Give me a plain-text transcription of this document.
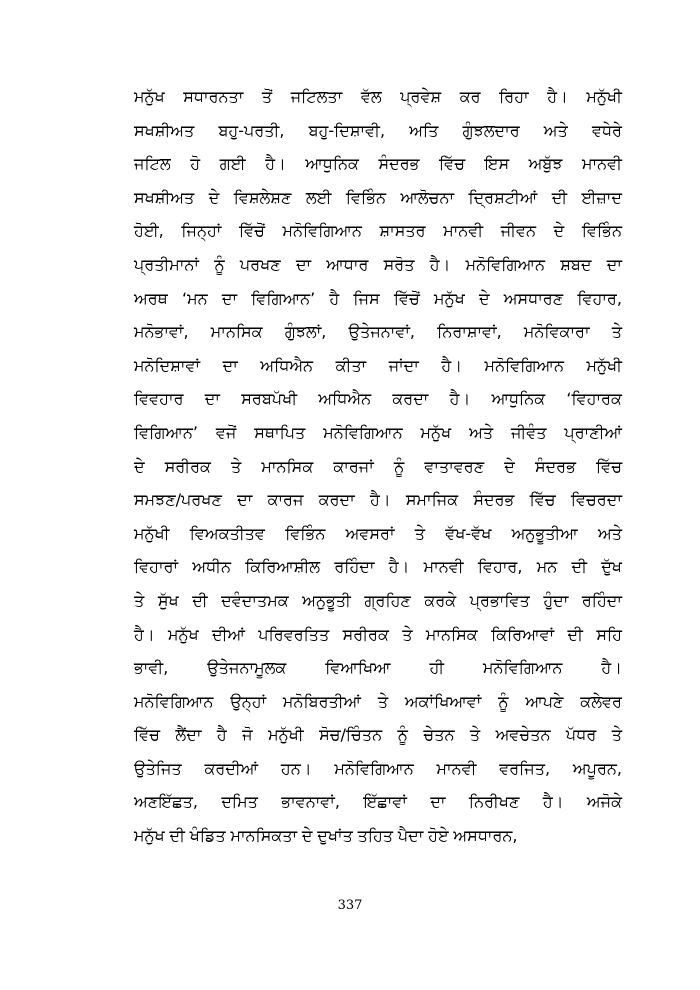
ਮਨੁੱਖ ਸਧਾਰਨਤਾ ਤੋਂ ਜਟਿਲਤਾ ਵੱਲ ਪ੍ਰਵੇਸ਼ ਕਰ ਰਿਹਾ ਹੈ। ਮਨੁੱਖੀ
ਸਖਸ਼ੀਅਤ ਬਹੁ-ਪਰਤੀ, ਬਹੁ-ਦਿਸ਼ਾਵੀ, ਅਤਿ ਗੁੰਝਲਦਾਰ ਅਤੇ ਵਧੇਰੇ
ਜਟਿਲ ਹੋ ਗਈ ਹੈ। ਆਧੁਨਿਕ ਸੰਦਰਭ ਵਿੱਚ ਇਸ ਅਬੁੱਝ ਮਾਨਵੀ
ਸਖਸ਼ੀਅਤ ਦੇ ਵਿਸ਼ਲੇਸ਼ਣ ਲਈ ਵਿਭਿੰਨ ਆਲੋਚਨਾ ਦ੍ਰਿਸ਼ਟੀਆਂ ਦੀ ਈਜ਼ਾਦ
ਹੋਈ, ਜਿਨ੍ਹਾਂ ਵਿੱਚੋਂ ਮਨੋਵਿਗਿਆਨ ਸ਼ਾਸਤਰ ਮਾਨਵੀ ਜੀਵਨ ਦੇ ਵਿਭਿੰਨ
ਪ੍ਰਤੀਮਾਨਾਂ ਨੂੰ ਪਰਖਣ ਦਾ ਆਧਾਰ ਸਰੋਤ ਹੈ। ਮਨੋਵਿਗਿਆਨ ਸ਼ਬਦ ਦਾ
ਅਰਥ ‘ਮਨ ਦਾ ਵਿਗਿਆਨ’ ਹੈ ਜਿਸ ਵਿੱਚੋਂ ਮਨੁੱਖ ਦੇ ਅਸਧਾਰਣ ਵਿਹਾਰ,
ਮਨੋਭਾਵਾਂ, ਮਾਨਸਿਕ ਗੁੰਝਲਾਂ, ਉਤੇਜਨਾਵਾਂ, ਨਿਰਾਸ਼ਾਵਾਂ, ਮਨੋਵਿਕਾਰਾ ਤੇ
ਮਨੋਦਿਸ਼ਾਵਾਂ ਦਾ ਅਧਿਐਨ ਕੀਤਾ ਜਾਂਦਾ ਹੈ। ਮਨੋਵਿਗਿਆਨ ਮਨੁੱਖੀ
ਵਿਵਹਾਰ ਦਾ ਸਰਬਪੱਖੀ ਅਧਿਐਨ ਕਰਦਾ ਹੈ। ਆਧੁਨਿਕ ‘ਵਿਹਾਰਕ
ਵਿਗਿਆਨ’ ਵਜੋਂ ਸਥਾਪਿਤ ਮਨੋਵਿਗਿਆਨ ਮਨੁੱਖ ਅਤੇ ਜੀਵੰਤ ਪ੍ਰਾਣੀਆਂ
ਦੇ ਸਰੀਰਕ ਤੇ ਮਾਨਸਿਕ ਕਾਰਜਾਂ ਨੂੰ ਵਾਤਾਵਰਣ ਦੇ ਸੰਦਰਭ ਵਿੱਚ
ਸਮਝਣ/ਪਰਖਣ ਦਾ ਕਾਰਜ ਕਰਦਾ ਹੈ। ਸਮਾਜਿਕ ਸੰਦਰਭ ਵਿੱਚ ਵਿਚਰਦਾ
ਮਨੁੱਖੀ ਵਿਅਕਤੀਤਵ ਵਿਭਿੰਨ ਅਵਸਰਾਂ ਤੇ ਵੱਖ-ਵੱਖ ਅਨੁਭੂਤੀਆ ਅਤੇ
ਵਿਹਾਰਾਂ ਅਧੀਨ ਕਿਰਿਆਸ਼ੀਲ ਰਹਿੰਦਾ ਹੈ। ਮਾਨਵੀ ਵਿਹਾਰ, ਮਨ ਦੀ ਦੁੱਖ
ਤੇ ਸੁੱਖ ਦੀ ਦਵੰਦਾਤਮਕ ਅਨੁਭੂਤੀ ਗ੍ਰਹਿਣ ਕਰਕੇ ਪ੍ਰਭਾਵਿਤ ਹੁੰਦਾ ਰਹਿੰਦਾ
ਹੈ। ਮਨੁੱਖ ਦੀਆਂ ਪਰਿਵਰਤਿਤ ਸਰੀਰਕ ਤੇ ਮਾਨਸਿਕ ਕਿਰਿਆਵਾਂ ਦੀ ਸਹਿ
ਭਾਵੀ, ਉਤੇਜਨਾਮੂਲਕ ਵਿਆਖਿਆ ਹੀ ਮਨੋਵਿਗਿਆਨ ਹੈ।
ਮਨੋਵਿਗਿਆਨ ਉਨ੍ਹਾਂ ਮਨੋਬਿਰਤੀਆਂ ਤੇ ਅਕਾਂਖਿਆਵਾਂ ਨੂੰ ਆਪਣੇ ਕਲੇਵਰ
ਵਿੱਚ ਲੈਂਦਾ ਹੈ ਜੋ ਮਨੁੱਖੀ ਸੋਚ/ਚਿੰਤਨ ਨੂੰ ਚੇਤਨ ਤੇ ਅਵਚੇਤਨ ਪੱਧਰ ਤੇ
ਉਤੇਜਿਤ ਕਰਦੀਆਂ ਹਨ। ਮਨੋਵਿਗਿਆਨ ਮਾਨਵੀ ਵਰਜਿਤ, ਅਪੂਰਨ,
ਅਣਇੱਛਤ, ਦਮਿਤ ਭਾਵਨਾਵਾਂ, ਇੱਛਾਵਾਂ ਦਾ ਨਿਰੀਖਣ ਹੈ। ਅਜੋਕੇ
ਮਨੁੱਖ ਦੀ ਖੰਡਿਤ ਮਾਨਸਿਕਤਾ ਦੇ ਦੁਖਾਂਤ ਤਹਿਤ ਪੈਦਾ ਹੋਏ ਅਸਧਾਰਨ,
337
